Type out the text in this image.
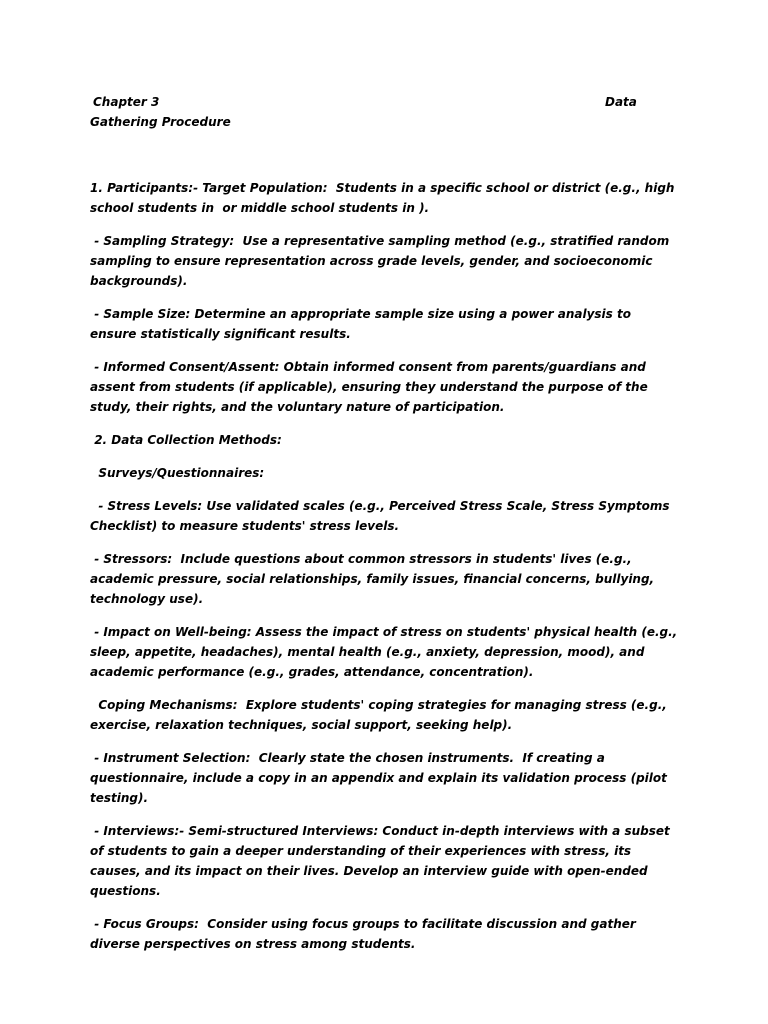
Chapter 3	Data
Gathering Procedure

1. Participants:- Target Population:  Students in a specific school or district (e.g., high school students in  or middle school students in ).

- Sampling Strategy:  Use a representative sampling method (e.g., stratified random sampling to ensure representation across grade levels, gender, and socioeconomic backgrounds).

- Sample Size: Determine an appropriate sample size using a power analysis to ensure statistically significant results.

- Informed Consent/Assent: Obtain informed consent from parents/guardians and assent from students (if applicable), ensuring they understand the purpose of the study, their rights, and the voluntary nature of participation.

2. Data Collection Methods:

Surveys/Questionnaires:

- Stress Levels: Use validated scales (e.g., Perceived Stress Scale, Stress Symptoms Checklist) to measure students' stress levels.

- Stressors:  Include questions about common stressors in students' lives (e.g., academic pressure, social relationships, family issues, financial concerns, bullying, technology use).

- Impact on Well-being: Assess the impact of stress on students' physical health (e.g., sleep, appetite, headaches), mental health (e.g., anxiety, depression, mood), and academic performance (e.g., grades, attendance, concentration).

Coping Mechanisms:  Explore students' coping strategies for managing stress (e.g., exercise, relaxation techniques, social support, seeking help).

- Instrument Selection:  Clearly state the chosen instruments.  If creating a questionnaire, include a copy in an appendix and explain its validation process (pilot testing).

- Interviews:- Semi-structured Interviews: Conduct in-depth interviews with a subset of students to gain a deeper understanding of their experiences with stress, its causes, and its impact on their lives. Develop an interview guide with open-ended questions.

- Focus Groups:  Consider using focus groups to facilitate discussion and gather diverse perspectives on stress among students.
